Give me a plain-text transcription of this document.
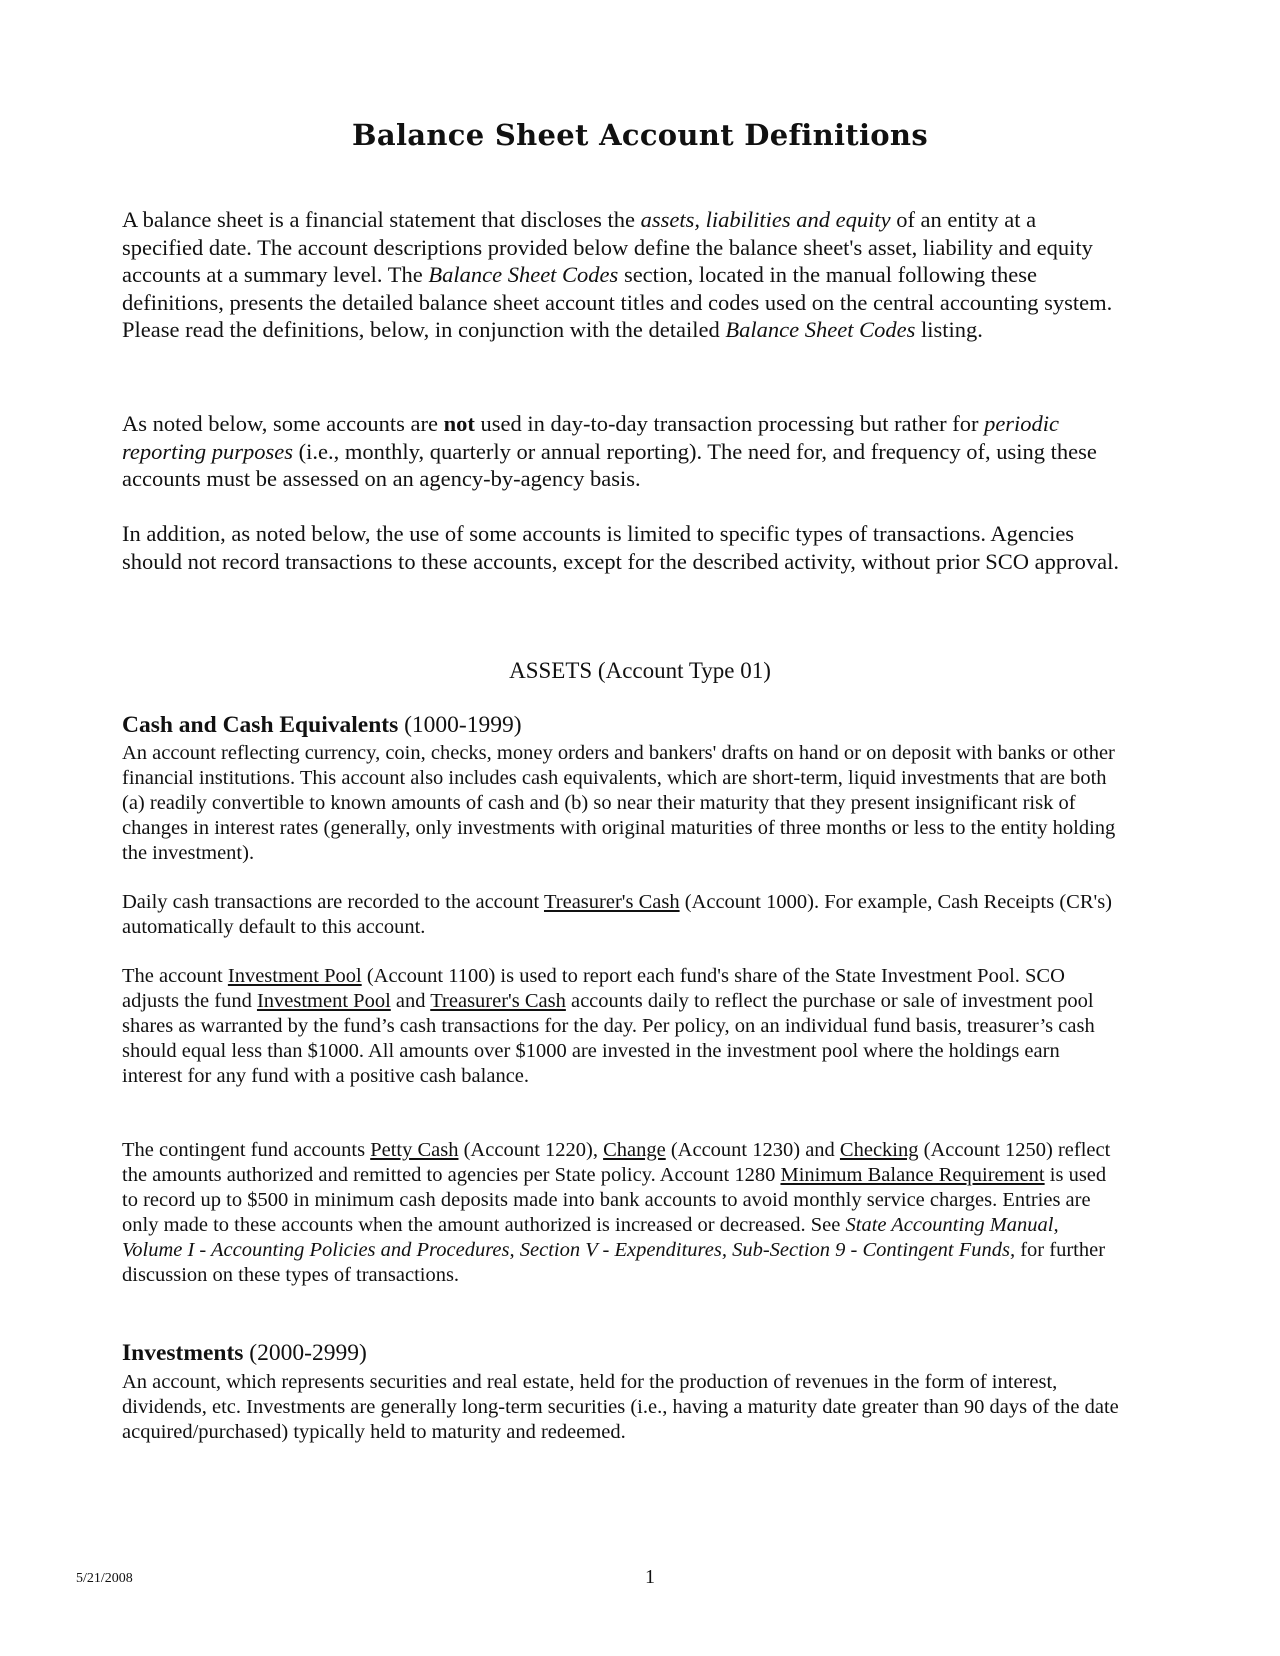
Balance Sheet Account Definitions

A balance sheet is a financial statement that discloses the assets, liabilities and equity of an entity at a specified date. The account descriptions provided below define the balance sheet's asset, liability and equity accounts at a summary level. The Balance Sheet Codes section, located in the manual following these definitions, presents the detailed balance sheet account titles and codes used on the central accounting system. Please read the definitions, below, in conjunction with the detailed Balance Sheet Codes listing.

As noted below, some accounts are not used in day-to-day transaction processing but rather for periodic reporting purposes (i.e., monthly, quarterly or annual reporting). The need for, and frequency of, using these accounts must be assessed on an agency-by-agency basis.

In addition, as noted below, the use of some accounts is limited to specific types of transactions. Agencies should not record transactions to these accounts, except for the described activity, without prior SCO approval.

ASSETS (Account Type 01)
Cash and Cash Equivalents (1000-1999)

An account reflecting currency, coin, checks, money orders and bankers' drafts on hand or on deposit with banks or other financial institutions. This account also includes cash equivalents, which are short-term, liquid investments that are both (a) readily convertible to known amounts of cash and (b) so near their maturity that they present insignificant risk of changes in interest rates (generally, only investments with original maturities of three months or less to the entity holding the investment).

Daily cash transactions are recorded to the account Treasurer's Cash (Account 1000). For example, Cash Receipts (CR's) automatically default to this account.

The account Investment Pool (Account 1100) is used to report each fund's share of the State Investment Pool. SCO adjusts the fund Investment Pool and Treasurer's Cash accounts daily to reflect the purchase or sale of investment pool shares as warranted by the fund’s cash transactions for the day. Per policy, on an individual fund basis, treasurer’s cash should equal less than $1000. All amounts over $1000 are invested in the investment pool where the holdings earn interest for any fund with a positive cash balance.

The contingent fund accounts Petty Cash (Account 1220), Change (Account 1230) and Checking (Account 1250) reflect the amounts authorized and remitted to agencies per State policy. Account 1280 Minimum Balance Requirement is used to record up to $500 in minimum cash deposits made into bank accounts to avoid monthly service charges. Entries are only made to these accounts when the amount authorized is increased or decreased. See State Accounting Manual, Volume I - Accounting Policies and Procedures, Section V - Expenditures, Sub-Section 9 - Contingent Funds, for further discussion on these types of transactions.

Investments (2000-2999)

An account, which represents securities and real estate, held for the production of revenues in the form of interest, dividends, etc. Investments are generally long-term securities (i.e., having a maturity date greater than 90 days of the date acquired/purchased) typically held to maturity and redeemed.

5/21/2008	1
